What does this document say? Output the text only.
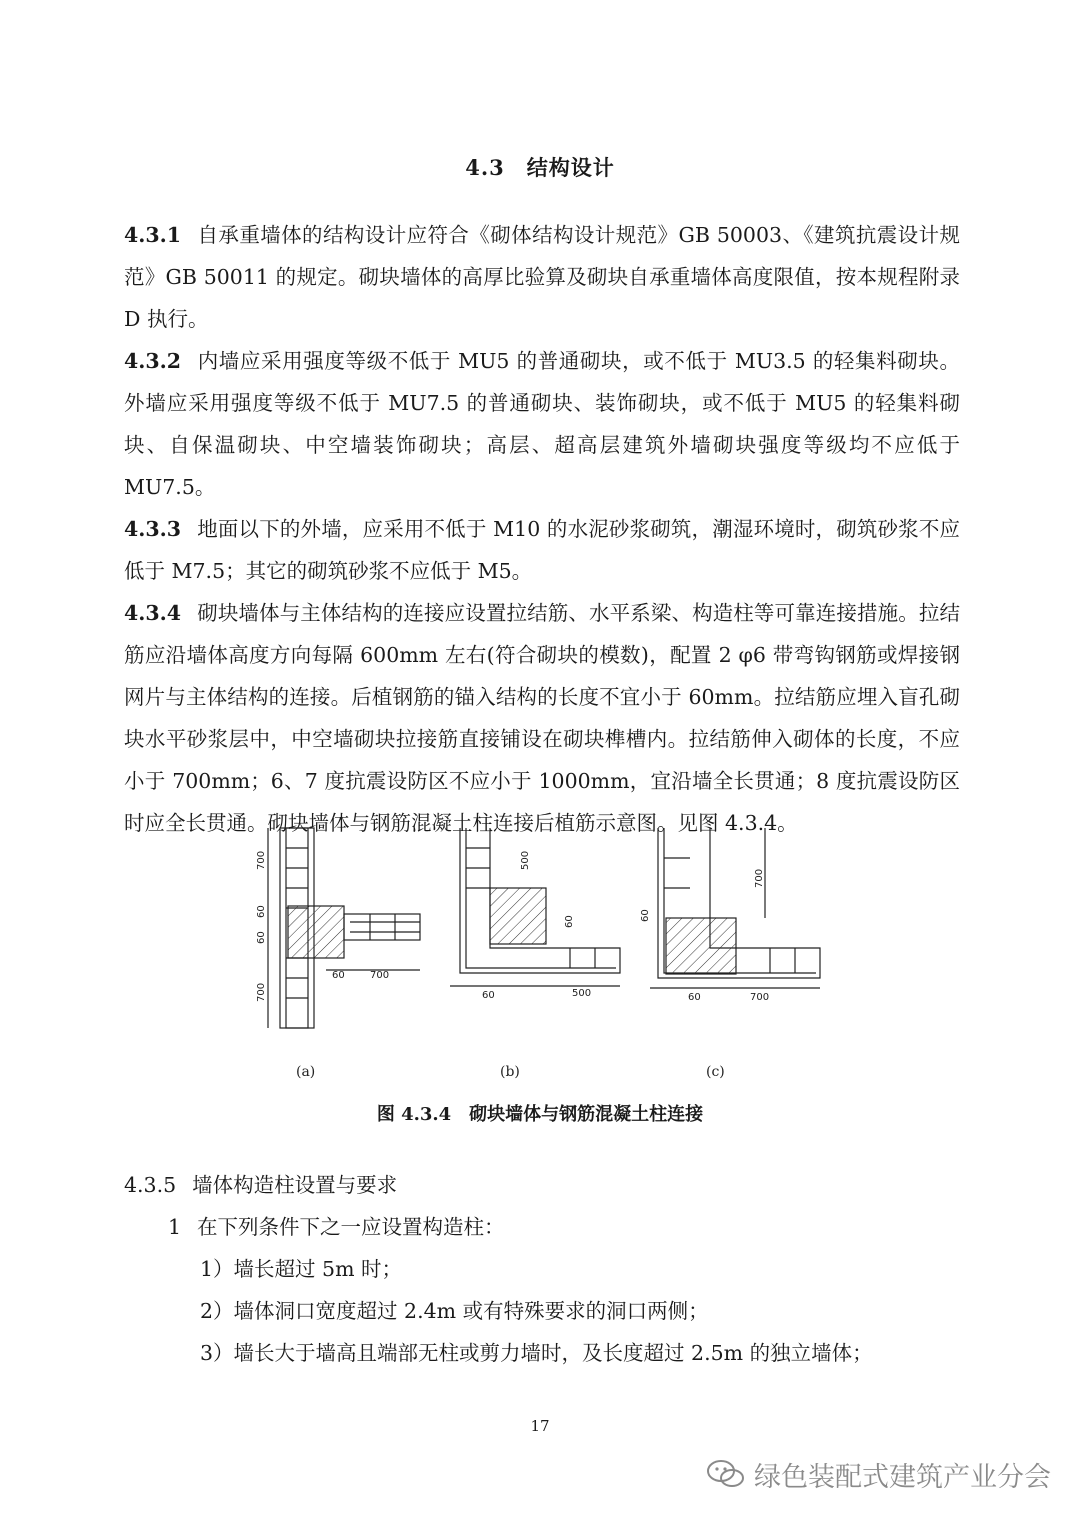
4.3　结构设计

4.3.1 自承重墙体的结构设计应符合《砌体结构设计规范》GB 50003、《建筑抗震设计规范》GB 50011 的规定。砌块墙体的高厚比验算及砌块自承重墙体高度限值，按本规程附录 D 执行。

4.3.2 内墙应采用强度等级不低于 MU5 的普通砌块，或不低于 MU3.5 的轻集料砌块。外墙应采用强度等级不低于 MU7.5 的普通砌块、装饰砌块，或不低于 MU5 的轻集料砌块、自保温砌块、中空墙装饰砌块；高层、超高层建筑外墙砌块强度等级均不应低于 MU7.5。

4.3.3 地面以下的外墙，应采用不低于 M10 的水泥砂浆砌筑，潮湿环境时，砌筑砂浆不应低于 M7.5；其它的砌筑砂浆不应低于 M5。

4.3.4 砌块墙体与主体结构的连接应设置拉结筋、水平系梁、构造柱等可靠连接措施。拉结筋应沿墙体高度方向每隔 600mm 左右(符合砌块的模数)，配置 2 φ6 带弯钩钢筋或焊接钢网片与主体结构的连接。后植钢筋的锚入结构的长度不宜小于 60mm。拉结筋应埋入盲孔砌块水平砂浆层中，中空墙砌块拉接筋直接铺设在砌块榫槽内。拉结筋伸入砌体的长度，不应小于 700mm；6、7 度抗震设防区不应小于 1000mm，宜沿墙全长贯通；8 度抗震设防区时应全长贯通。砌块墙体与钢筋混凝土柱连接后植筋示意图。见图 4.3.4。

700
60
60
700
60	700
500
60
60	500
700
60
60	700
(a)	(b)	(c)
图 4.3.4　砌块墙体与钢筋混凝土柱连接
4.3.5 墙体构造柱设置与要求
1 在下列条件下之一应设置构造柱：
1）墙长超过 5m 时；
2）墙体洞口宽度超过 2.4m 或有特殊要求的洞口两侧；
3）墙长大于墙高且端部无柱或剪力墙时，及长度超过 2.5m 的独立墙体；
17
绿色装配式建筑产业分会
